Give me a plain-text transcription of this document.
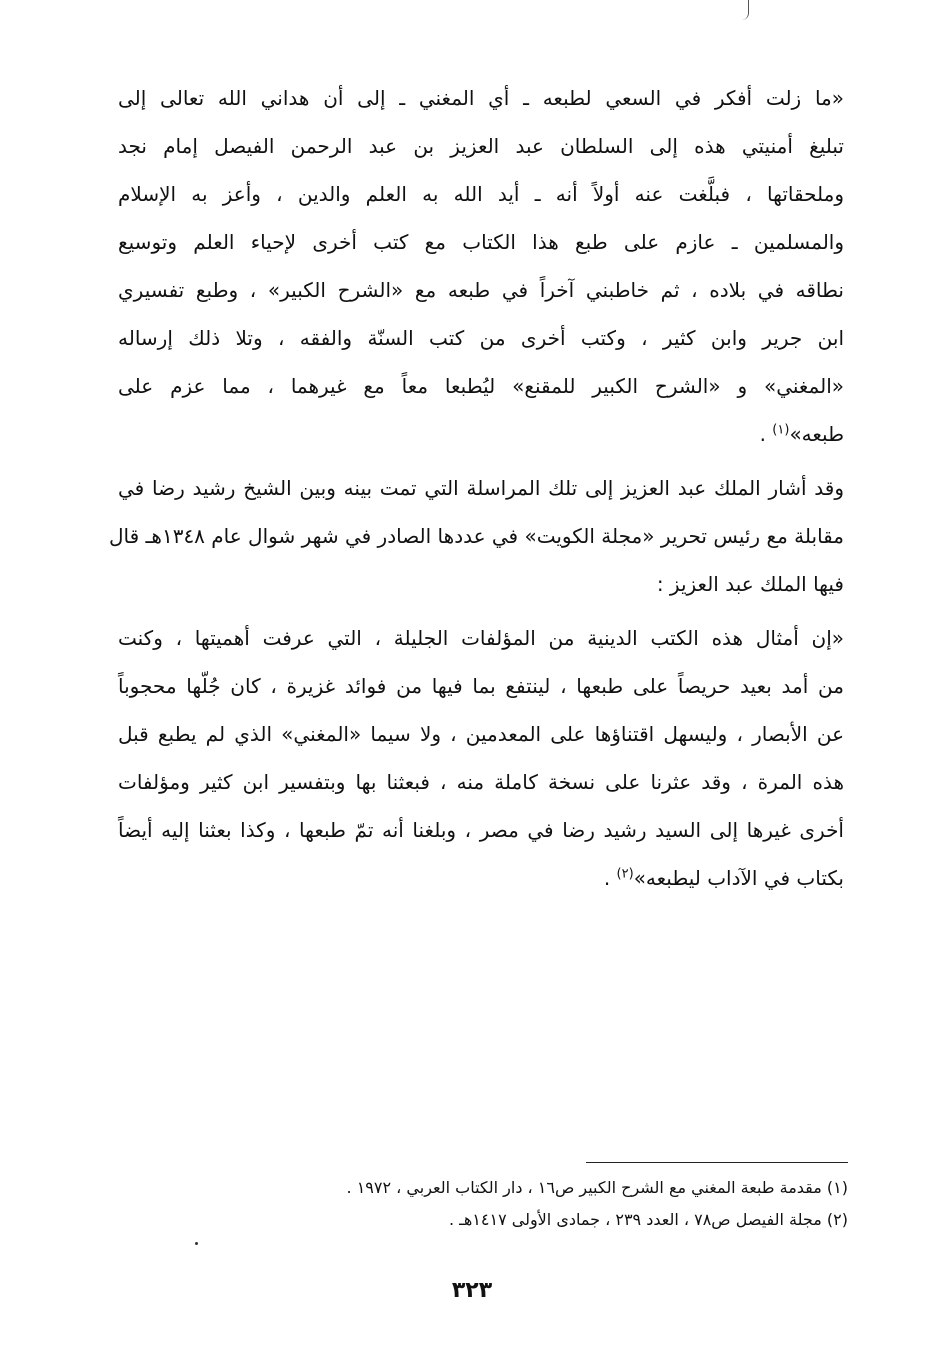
«ما زلت أفكر في السعي لطبعه ـ أي المغني ـ إلى أن هداني الله تعالى إلى
تبليغ أمنيتي هذه إلى السلطان عبد العزيز بن عبد الرحمن الفيصل إمام نجد
وملحقاتها ، فبلَّغت عنه أولاً أنه ـ أيد الله به العلم والدين ، وأعز به الإسلام
والمسلمين ـ عازم على طبع هذا الكتاب مع كتب أخرى لإحياء العلم وتوسيع
نطاقه في بلاده ، ثم خاطبني آخراً في طبعه مع «الشرح الكبير» ، وطبع تفسيري
ابن جرير وابن كثير ، وكتب أخرى من كتب السنّة والفقه ، وتلا ذلك إرساله
«المغني» و «الشرح الكبير للمقنع» ليُطبعا معاً مع غيرهما ، مما عزم على
طبعه»$^{(١)}$ .
وقد أشار الملك عبد العزيز إلى تلك المراسلة التي تمت بينه وبين الشيخ رشيد رضا في
مقابلة مع رئيس تحرير «مجلة الكويت» في عددها الصادر في شهر شوال عام ١٣٤٨هـ قال
فيها الملك عبد العزيز :
«إن أمثال هذه الكتب الدينية من المؤلفات الجليلة ، التي عرفت أهميتها ، وكنت
من أمد بعيد حريصاً على طبعها ، لينتفع بما فيها من فوائد غزيرة ، كان جُلّها محجوباً
عن الأبصار ، وليسهل اقتناؤها على المعدمين ، ولا سيما «المغني» الذي لم يطبع قبل
هذه المرة ، وقد عثرنا على نسخة كاملة منه ، فبعثنا بها وبتفسير ابن كثير ومؤلفات
أخرى غيرها إلى السيد رشيد رضا في مصر ، وبلغنا أنه تمّ طبعها ، وكذا بعثنا إليه أيضاً
بكتاب في الآداب ليطبعه»$^{(٢)}$ .
(١) مقدمة طبعة المغني مع الشرح الكبير ص١٦ ، دار الكتاب العربي ، ١٩٧٢ .
(٢) مجلة الفيصل ص٧٨ ، العدد ٢٣٩ ، جمادى الأولى ١٤١٧هـ .
٣٢٣
